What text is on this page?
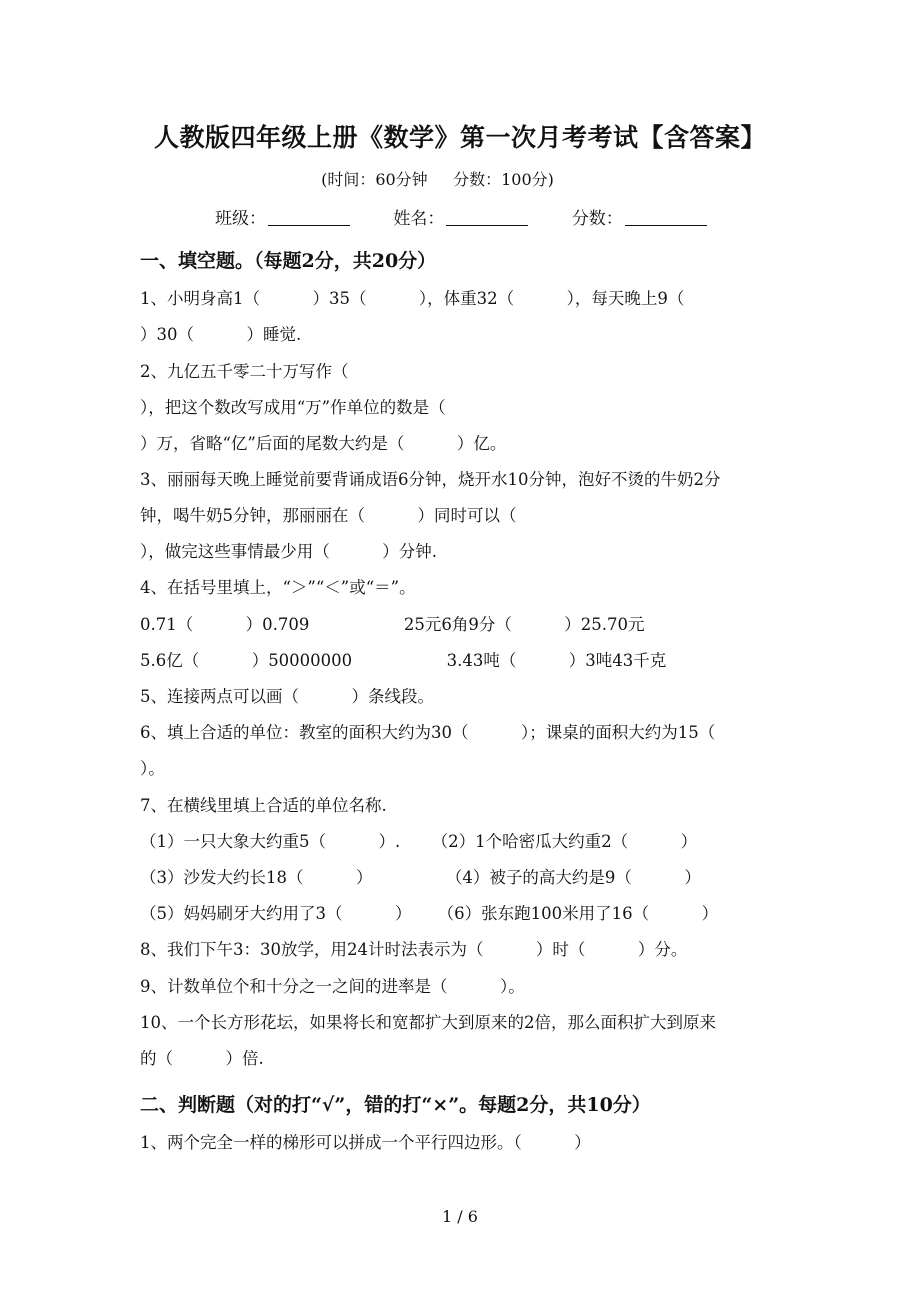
人教版四年级上册《数学》第一次月考考试【含答案】
(时间：60分钟     分数：100分)
班级：	姓名：	分数：
一、填空题。（每题2分，共20分）
1、小明身高1（          ）35（          ），体重32（          ），每天晚上9（
）30（          ）睡觉.
2、九亿五千零二十万写作（
），把这个数改写成用“万”作单位的数是（
）万，省略“亿”后面的尾数大约是（          ）亿。
3、丽丽每天晚上睡觉前要背诵成语6分钟，烧开水10分钟，泡好不烫的牛奶2分
钟，喝牛奶5分钟，那丽丽在（          ）同时可以（
），做完这些事情最少用（          ）分钟.
4、在括号里填上，“＞”“＜”或“＝”。
0.71（          ）0.709                  25元6角9分（          ）25.70元
5.6亿（          ）50000000                  3.43吨（          ）3吨43千克
5、连接两点可以画（          ）条线段。
6、填上合适的单位：教室的面积大约为30（          ）；课桌的面积大约为15（
）。
7、在横线里填上合适的单位名称.
（1）一只大象大约重5（          ）.      （2）1个哈密瓜大约重2（          ）
（3）沙发大约长18（          ）              （4）被子的高大约是9（          ）
（5）妈妈刷牙大约用了3（          ）     （6）张东跑100米用了16（          ）
8、我们下午3：30放学，用24计时法表示为（          ）时（          ）分。
9、计数单位个和十分之一之间的进率是（          ）。
10、一个长方形花坛，如果将长和宽都扩大到原来的2倍，那么面积扩大到原来
的（          ）倍.
二、判断题（对的打“√”，错的打“×”。每题2分，共10分）
1、两个完全一样的梯形可以拼成一个平行四边形。（          ）
1 / 6
